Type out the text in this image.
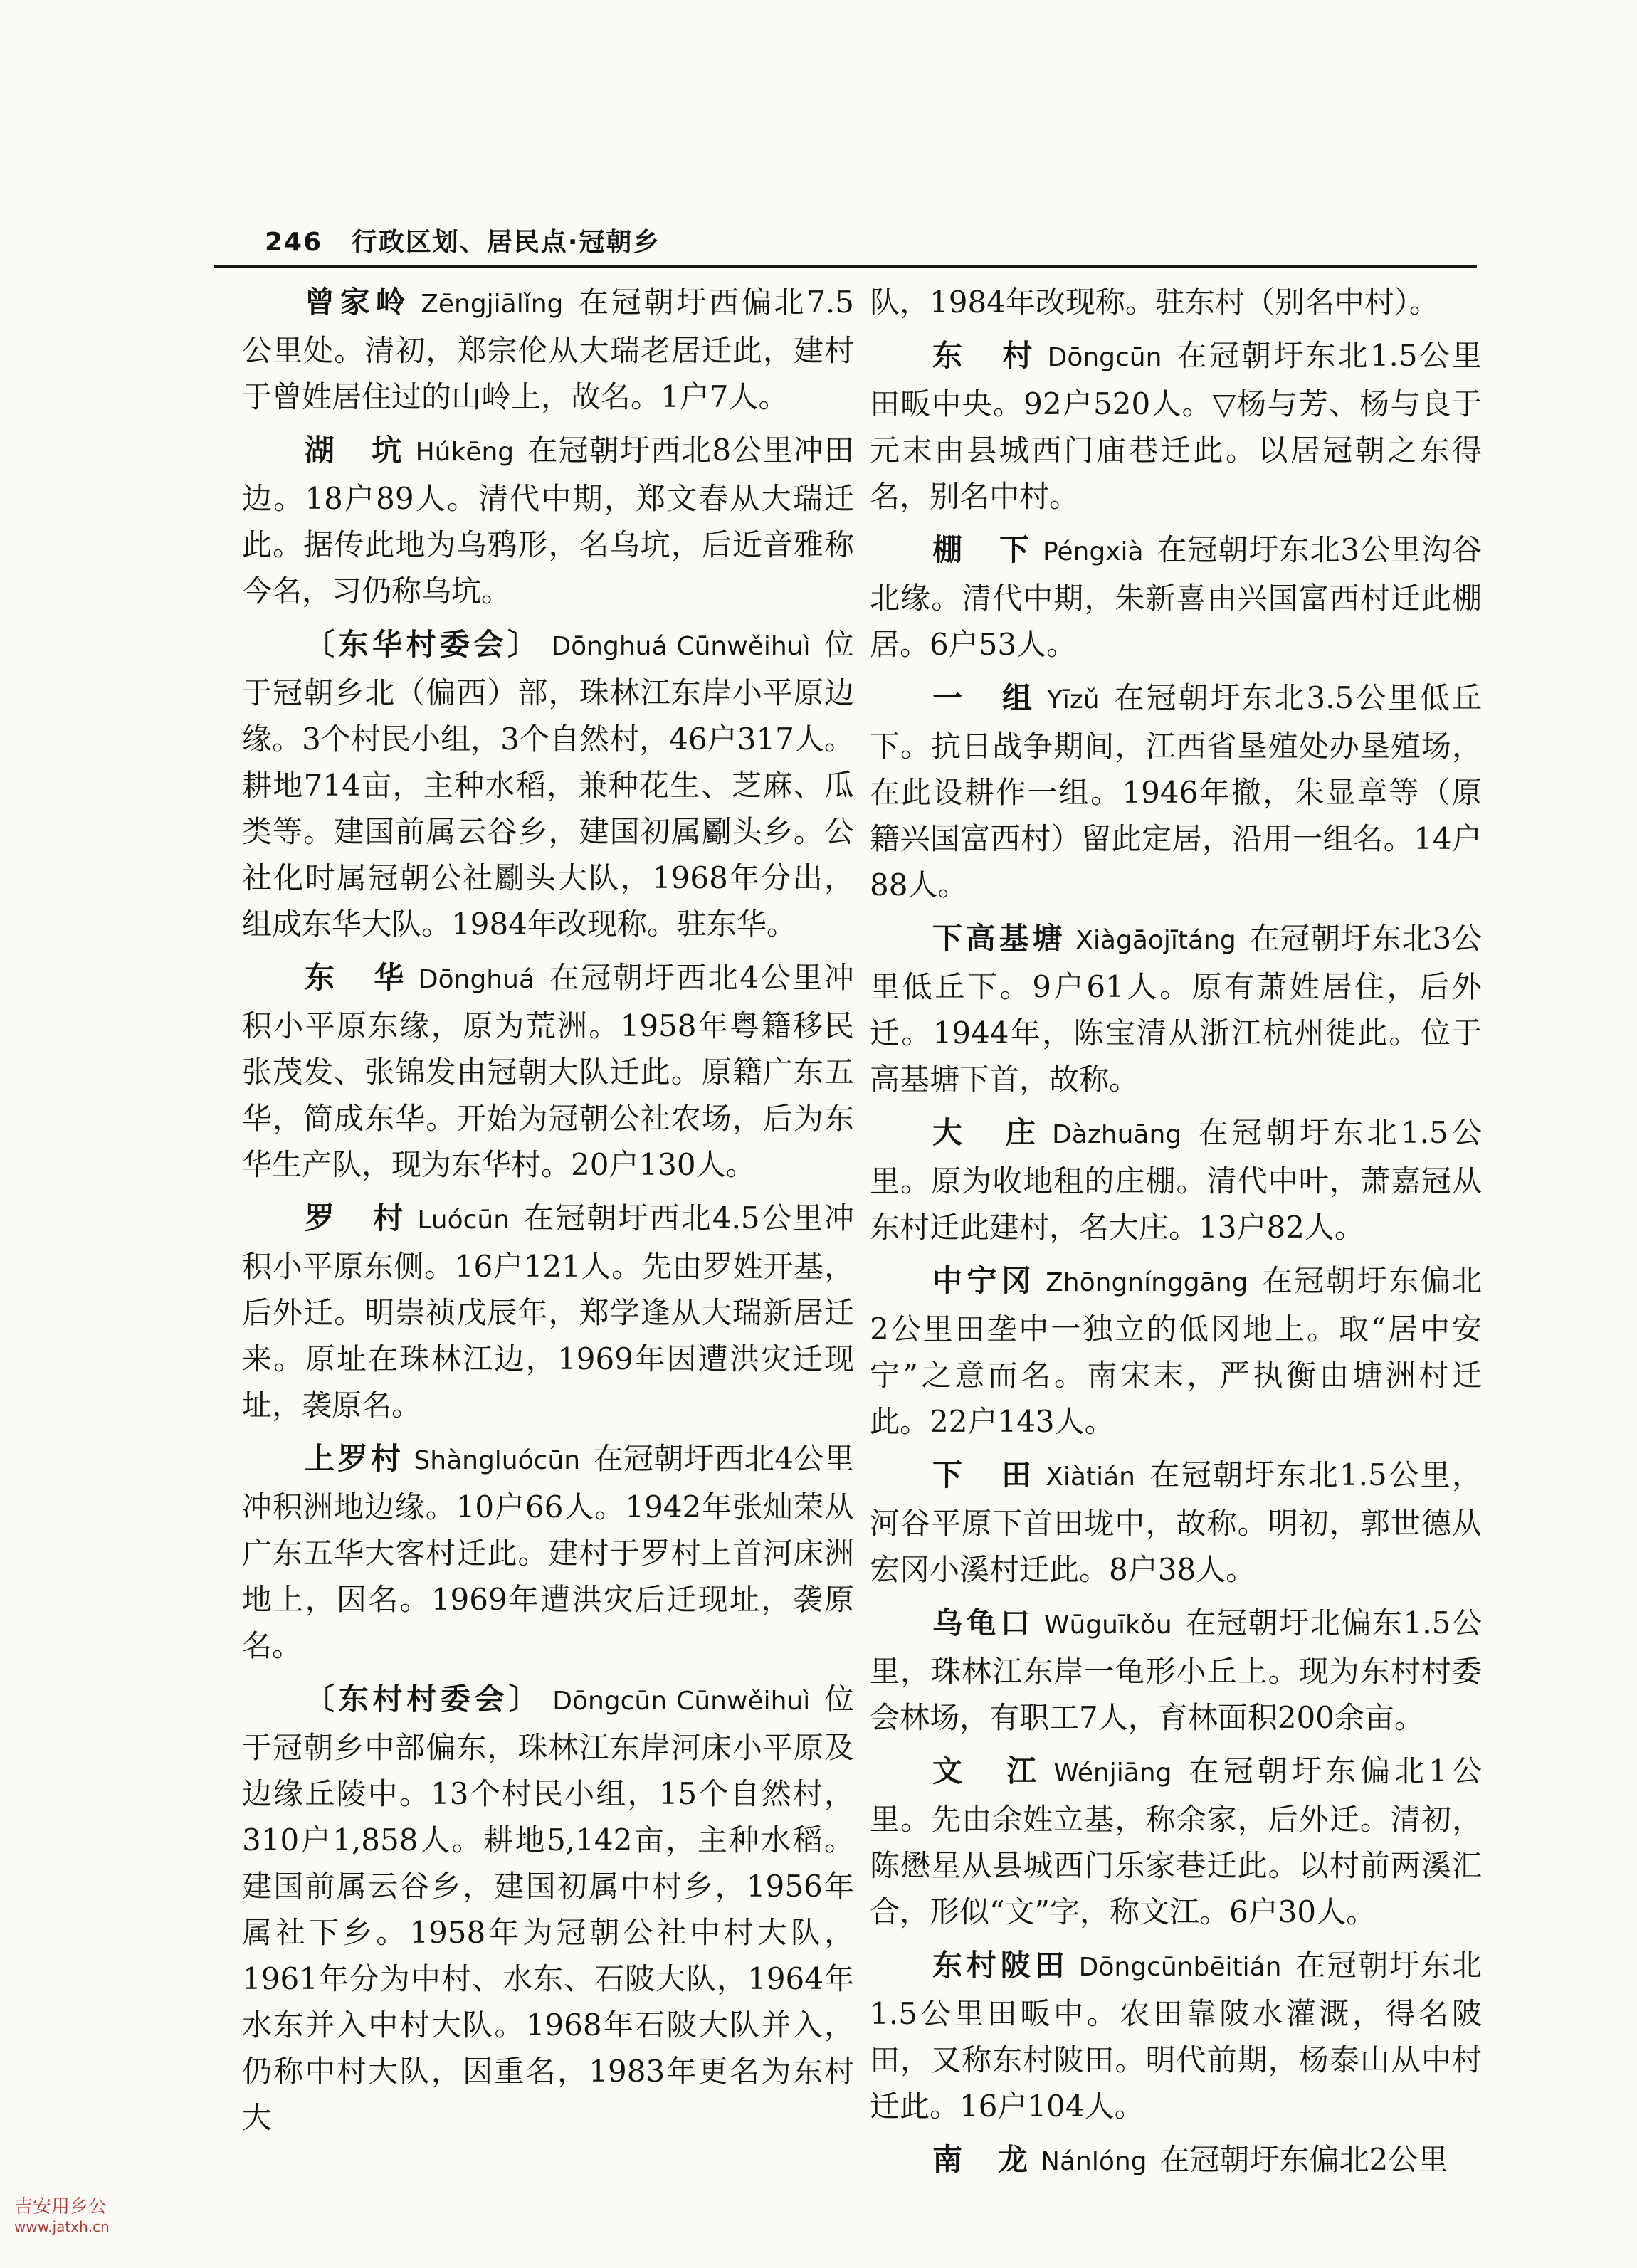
246 行政区划、居民点·冠朝乡

曾家岭 Zēngjiālǐng 在冠朝圩西偏北7.5公里处。清初，郑宗伦从大瑞老居迁此，建村于曾姓居住过的山岭上，故名。1户7人。

湖　坑 Húkēng 在冠朝圩西北8公里冲田边。18户89人。清代中期，郑文春从大瑞迁此。据传此地为乌鸦形，名乌坑，后近音雅称今名，习仍称乌坑。

〔东华村委会〕 Dōnghuá Cūnwěihuì 位于冠朝乡北（偏西）部，珠林江东岸小平原边缘。3个村民小组，3个自然村，46户317人。耕地714亩，主种水稻，兼种花生、芝麻、瓜类等。建国前属云谷乡，建国初属劚头乡。公社化时属冠朝公社劚头大队，1968年分出，组成东华大队。1984年改现称。驻东华。

东　华 Dōnghuá 在冠朝圩西北4公里冲积小平原东缘，原为荒洲。1958年粤籍移民张茂发、张锦发由冠朝大队迁此。原籍广东五华，简成东华。开始为冠朝公社农场，后为东华生产队，现为东华村。20户130人。

罗　村 Luócūn 在冠朝圩西北4.5公里冲积小平原东侧。16户121人。先由罗姓开基，后外迁。明崇祯戊辰年，郑学逢从大瑞新居迁来。原址在珠林江边，1969年因遭洪灾迁现址，袭原名。

上罗村 Shàngluócūn 在冠朝圩西北4公里冲积洲地边缘。10户66人。1942年张灿荣从广东五华大客村迁此。建村于罗村上首河床洲地上，因名。1969年遭洪灾后迁现址，袭原名。

〔东村村委会〕 Dōngcūn Cūnwěihuì 位于冠朝乡中部偏东，珠林江东岸河床小平原及边缘丘陵中。13个村民小组，15个自然村，310户1,858人。耕地5,142亩，主种水稻。建国前属云谷乡，建国初属中村乡，1956年属社下乡。1958年为冠朝公社中村大队，1961年分为中村、水东、石陂大队，1964年水东并入中村大队。1968年石陂大队并入，仍称中村大队，因重名，1983年更名为东村大

队，1984年改现称。驻东村（别名中村）。

东　村 Dōngcūn 在冠朝圩东北1.5公里田畈中央。92户520人。▽杨与芳、杨与良于元末由县城西门庙巷迁此。以居冠朝之东得名，别名中村。

棚　下 Péngxià 在冠朝圩东北3公里沟谷北缘。清代中期，朱新喜由兴国富西村迁此棚居。6户53人。

一　组 Yīzǔ 在冠朝圩东北3.5公里低丘下。抗日战争期间，江西省垦殖处办垦殖场，在此设耕作一组。1946年撤，朱显章等（原籍兴国富西村）留此定居，沿用一组名。14户88人。

下高基塘 Xiàgāojītáng 在冠朝圩东北3公里低丘下。9户61人。原有萧姓居住，后外迁。1944年，陈宝清从浙江杭州徙此。位于高基塘下首，故称。

大　庄 Dàzhuāng 在冠朝圩东北1.5公里。原为收地租的庄棚。清代中叶，萧嘉冠从东村迁此建村，名大庄。13户82人。

中宁冈 Zhōngnínggāng 在冠朝圩东偏北2公里田垄中一独立的低冈地上。取“居中安宁”之意而名。南宋末，严执衡由塘洲村迁此。22户143人。

下　田 Xiàtián 在冠朝圩东北1.5公里，河谷平原下首田垅中，故称。明初，郭世德从宏冈小溪村迁此。8户38人。

乌龟口 Wūguīkǒu 在冠朝圩北偏东1.5公里，珠林江东岸一龟形小丘上。现为东村村委会林场，有职工7人，育林面积200余亩。

文　江 Wénjiāng 在冠朝圩东偏北1公里。先由余姓立基，称余家，后外迁。清初，陈懋星从县城西门乐家巷迁此。以村前两溪汇合，形似“文”字，称文江。6户30人。

东村陂田 Dōngcūnbēitián 在冠朝圩东北1.5公里田畈中。农田靠陂水灌溉，得名陂田，又称东村陂田。明代前期，杨泰山从中村迁此。16户104人。

南　龙 Nánlóng 在冠朝圩东偏北2公里

吉安用乡公
www.jatxh.cn
